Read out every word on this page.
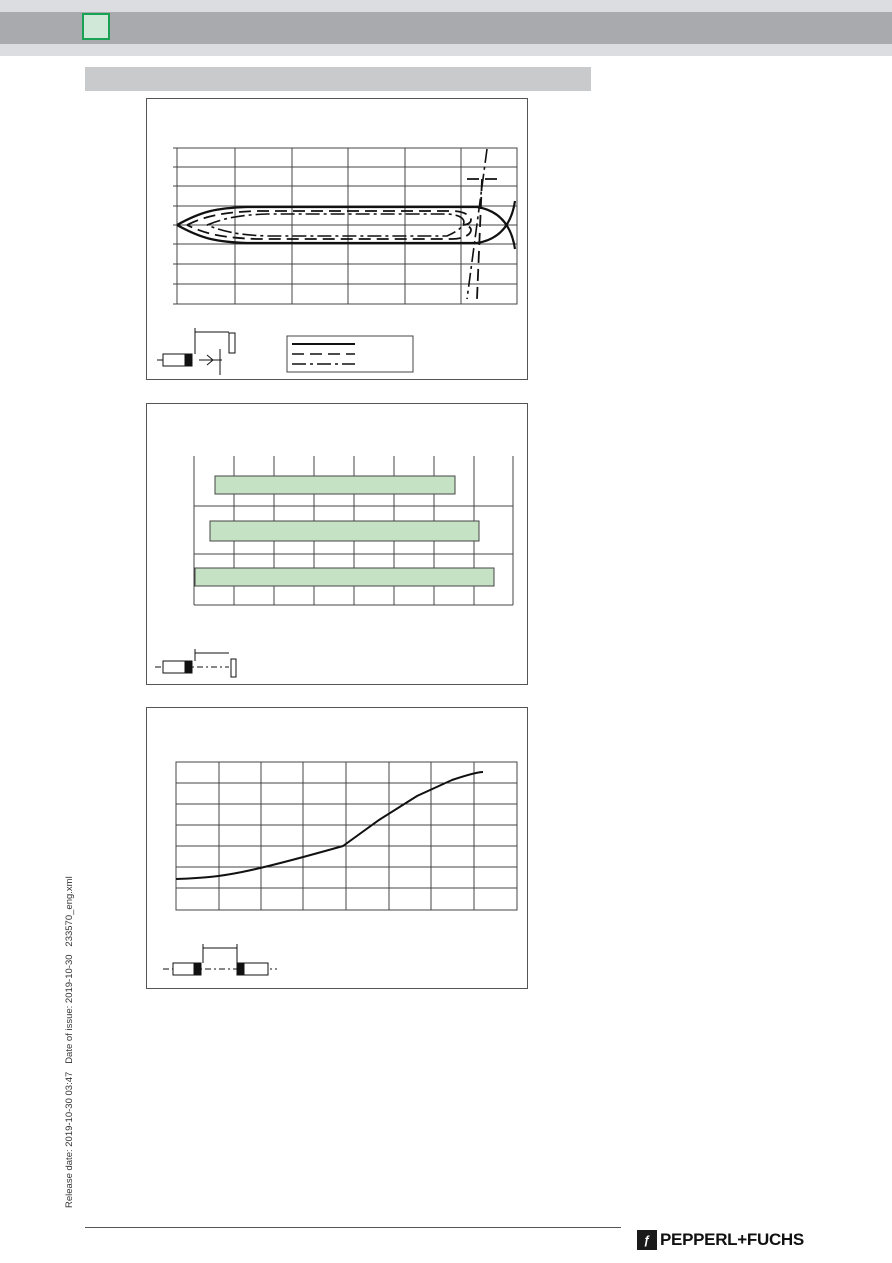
Release date: 2019-10-30 03:47   Date of issue: 2019-10-30   233570_eng.xml
ƒ PEPPERL+FUCHS
